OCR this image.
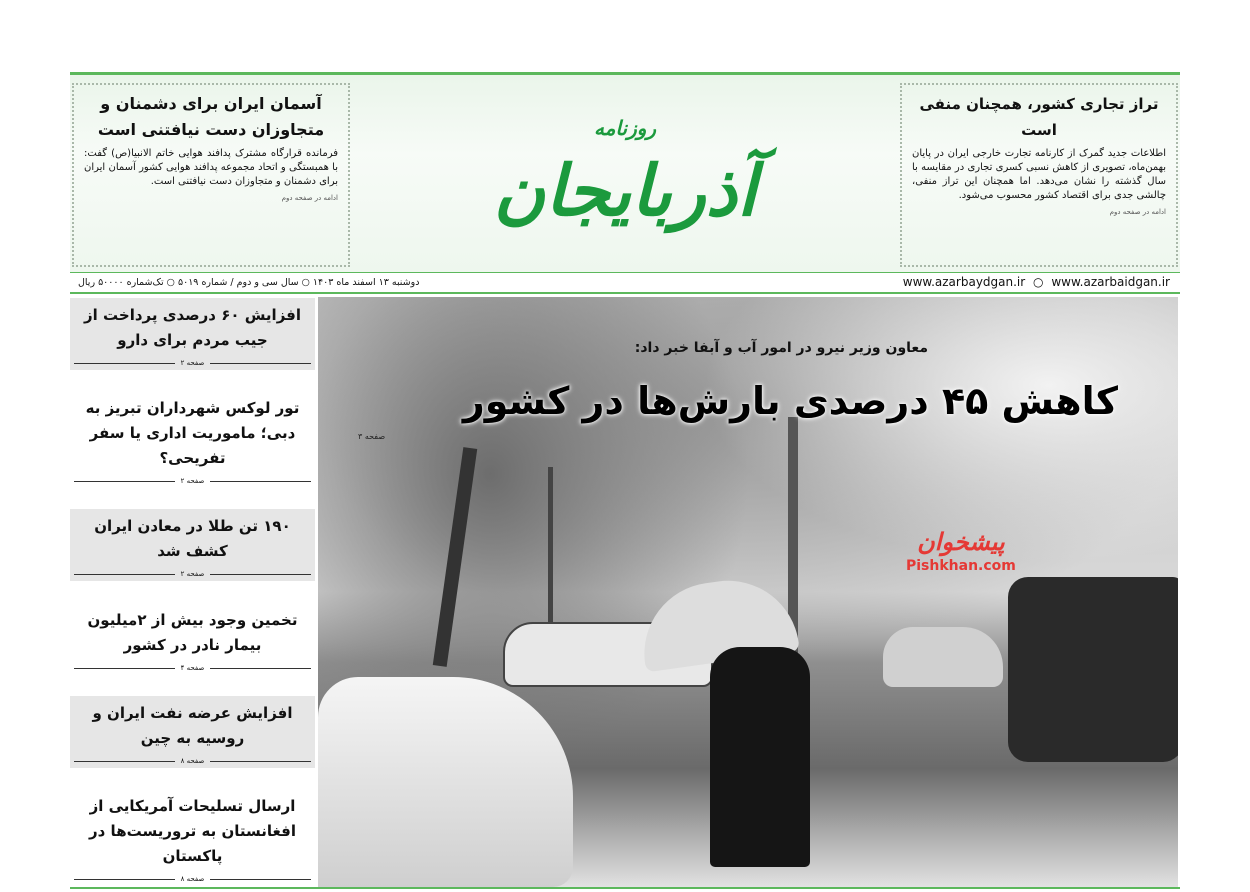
آسمان ایران برای دشمنان و متجاوزان دست نیافتنی است

فرمانده قرارگاه مشترک پدافند هوایی خاتم الانبیا(ص) گفت: با همبستگی و اتحاد مجموعه پدافند هوایی کشور آسمان ایران برای دشمنان و متجاوزان دست نیافتنی است.

ادامه در صفحه دوم
روزنامه
آذربایجان
تراز تجاری کشور، همچنان منفی است

اطلاعات جدید گمرک از کارنامه تجارت خارجی ایران در پایان بهمن‌ماه، تصویری از کاهش نسبی کسری تجاری در مقایسه با سال گذشته را نشان می‌دهد. اما همچنان این تراز منفی، چالشی جدی برای اقتصاد کشور محسوب می‌شود.

ادامه در صفحه دوم
دوشنبه ۱۳ اسفند ماه ۱۴۰۳ ○ سال سی و دوم / شماره ۵۰۱۹ ○ تک‌شماره ۵۰۰۰۰ ریال	www.azarbaydgan.ir ○ www.azarbaidgan.ir
افزایش ۶۰ درصدی پرداخت از جیب مردم برای دارو
صفحه ۲
تور لوکس شهرداران تبریز به دبی؛ ماموریت اداری یا سفر تفریحی؟
صفحه ۲
۱۹۰ تن طلا در معادن ایران کشف شد
صفحه ۲
تخمین وجود بیش از ۲میلیون بیمار نادر در کشور
صفحه ۴
افزایش عرضه نفت ایران و روسیه به چین
صفحه ۸
ارسال تسلیحات آمریکایی از افغانستان به تروریست‌ها در پاکستان
صفحه ۸
معاون وزیر نیرو در امور آب و آبفا خبر داد:
کاهش ۴۵ درصدی بارش‌ها در کشور
صفحه ۳
پیشخوان
Pishkhan.com
